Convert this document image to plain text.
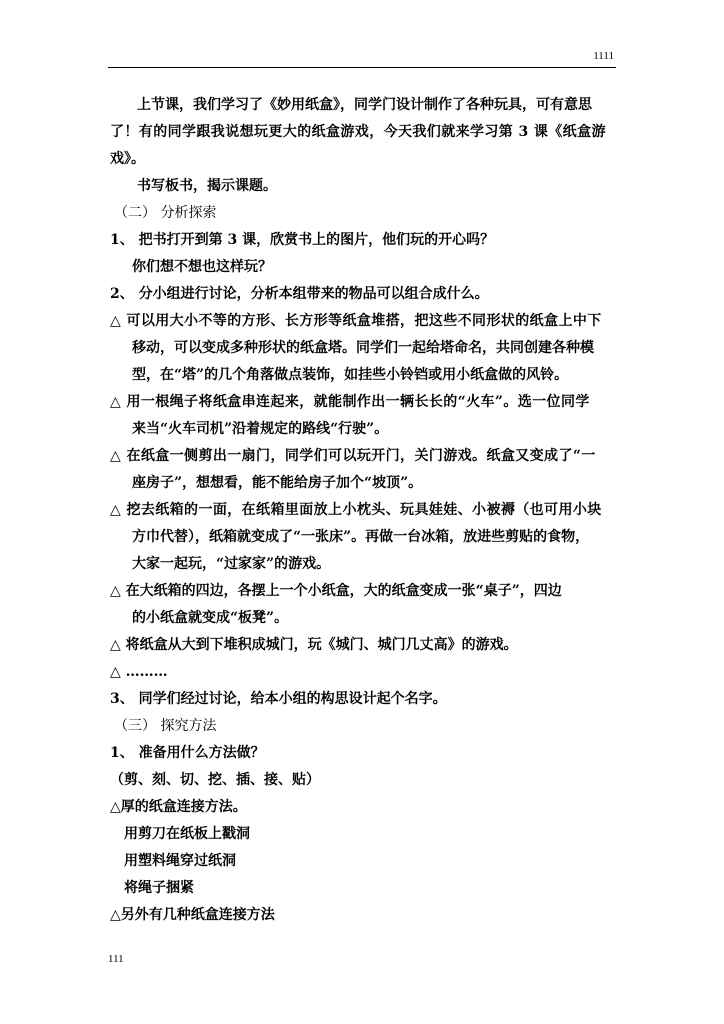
1111
上节课，我们学习了《妙用纸盒》，同学门设计制作了各种玩具，可有意思
了！有的同学跟我说想玩更大的纸盒游戏，今天我们就来学习第 3 课《纸盒游
戏》。
书写板书，揭示课题。
（二） 分析探索
1、 把书打开到第 3 课，欣赏书上的图片，他们玩的开心吗？
你们想不想也这样玩？
2、 分小组进行讨论，分析本组带来的物品可以组合成什么。
△ 可以用大小不等的方形、长方形等纸盒堆搭，把这些不同形状的纸盒上中下
移动，可以变成多种形状的纸盒塔。同学们一起给塔命名，共同创建各种模
型，在“塔”的几个角落做点装饰，如挂些小铃铛或用小纸盒做的风铃。
△ 用一根绳子将纸盒串连起来，就能制作出一辆长长的“火车”。选一位同学
来当“火车司机”沿着规定的路线“行驶”。
△ 在纸盒一侧剪出一扇门，同学们可以玩开门，关门游戏。纸盒又变成了“一
座房子”，想想看，能不能给房子加个“坡顶”。
△ 挖去纸箱的一面，在纸箱里面放上小枕头、玩具娃娃、小被褥（也可用小块
方巾代替），纸箱就变成了“一张床”。再做一台冰箱，放进些剪贴的食物，
大家一起玩，“过家家”的游戏。
△ 在大纸箱的四边，各摆上一个小纸盒，大的纸盒变成一张“桌子”，四边
的小纸盒就变成“板凳”。
△ 将纸盒从大到下堆积成城门，玩《城门、城门几丈高》的游戏。
△ ………
3、 同学们经过讨论，给本小组的构思设计起个名字。
（三） 探究方法
1、 准备用什么方法做？
（剪、刻、切、挖、插、接、贴）
△厚的纸盒连接方法。
用剪刀在纸板上戳洞
用塑料绳穿过纸洞
将绳子捆紧
△另外有几种纸盒连接方法
111
